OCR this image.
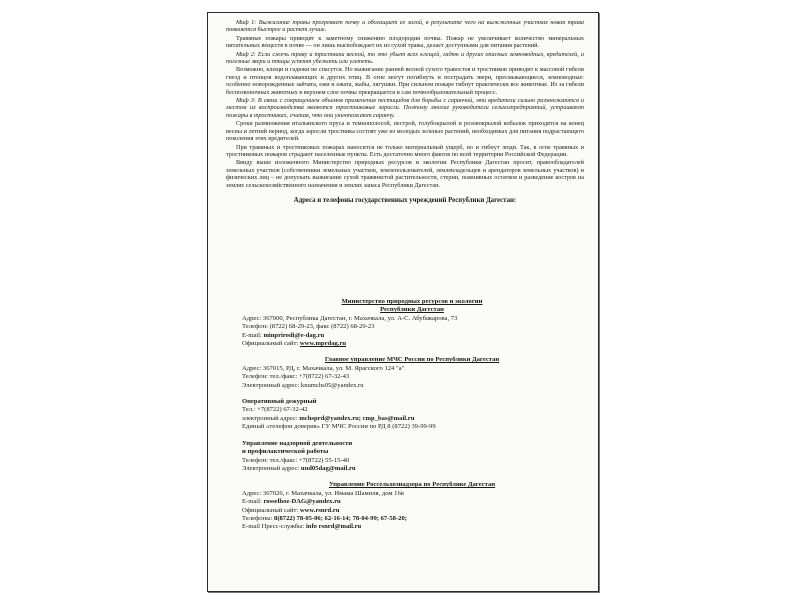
Миф 1: Выжигание травы прогревает почву и обогащает ее золой, в результате чего на выжженных участках новая трава появляется быстрее и растет лучше.

Травяные пожары приводят к заметному снижению плодородия почвы. Пожар не увеличивает количество минеральных питательных веществ в почве — он лишь высвобождает их из сухой травы, делает доступными для питания растений.

Миф 2: Если сжечь траву и тростники весной, то это убьет всех клещей, гадюк и других опасных земноводных, вредителей, а полезные звери и птицы успеют убежать или улететь.

Возможно, клещи и гадюки не спасутся. Но выжигание ранней весной сухого травостоя и тростников приводит к массовой гибели гнезд и птенцов водоплавающих и других птиц. В огне могут погибнуть и пострадать звери, пресмыкающиеся, земноводные: особенно новорожденные зайчата, ежи и ежата, жабы, лягушки. При сильном пожаре гибнут практически все животные. Из за гибели беспозвоночных животных в верхнем слое почвы прекращается и сам почвообразовательный процесс.

Миф 3: В связи с сокращением объемов применения пестицидов для борьбы с саранчой, эти вредители сильно размножаются и местом их воспроизводства являются тростниковые заросли. Поэтому многие руководители сельхозпредприятий, устраивают пожары в тростниках, считая, что они уничтожают саранчу.

Сроки размножения итальянского пруса и темнополосой, пестрой, голубокрылой и розовокрылой кобылок приходятся на конец весны и летний период, когда заросли тростника состоят уже из молодых зеленых растений, необходимых для питания подрастающего поколения этих вредителей.

При травяных и тростниковых пожарах наносится не только материальный ущерб, но и гибнут люди. Так, в огне травяных и тростниковых пожаров страдают населенные пункты. Есть достаточно много фактов по всей территории Российской Федерации.

Ввиду выше изложенного Министерство природных ресурсов и экологии Республики Дагестан просит, правообладателей земельных участков (собственники земельных участков, землепользователей, землевладельцев и арендаторов земельных участков) и физических лиц – не допускать выжигание сухой травянистой растительности, стерни, пожнивных остатков и разведение костров на землях сельскохозяйственного назначения и землях запаса Республики Дагестан.

Адреса и телефоны государственных учреждений Республики Дагестан:
Министерство природных ресурсов и экологии
Республики Дагестан
Адрес: 367000, Республика Дагестан, г. Махачкала, ул. А-С. Абубакарова, 73
Телефон: (8722) 68-29-23, факс (8722) 68-29-23
E-mail: minprirodi@e-dag.ru
Официальный сайт: www.mprdag.ru
Главное управление МЧС России по Республики Дагестан
Адрес: 367015, РД, г. Махачкала, ул. М. Ярагского 124 "а"
Телефон: тел./факс: +7(8722) 67-32-43
Электронный адрес: knumchs05@yandex.ru
Оперативный дежурный
Тел.: +7(8722) 67-32-42
электронный адрес: mchsprd@yandex.ru; cmp_bas@mail.ru
Единый «телефон доверия» ГУ МЧС России по РД 8 (8722) 39-99-99
Управление надзорной деятельности
и профилактической работы
Телефон: тел./факс: +7(8722) 55-15-40
Электронный адрес: und05dag@mail.ru
Управление Россельхознадзора по Республике Дагестан
Адрес: 367026, г. Махачкала, ул. Имама Шамиля, дом 16в
E-mail: rosselhoz-DAG@yandex.ru
Официальный сайт: www.rsnrd.ru
Телефоны: 8(8722) 78-05-06; 62-16-14; 78-04-99; 67-58-20;
E-mail Пресс-службы: info rsnrd@mail.ru
